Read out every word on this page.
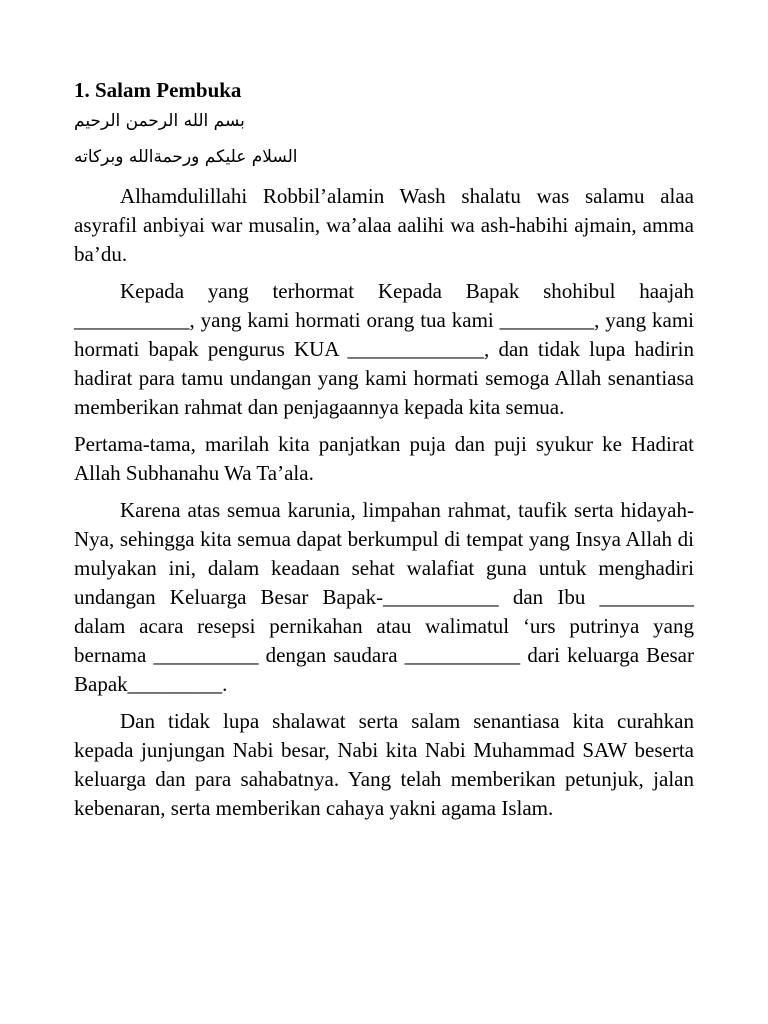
1. Salam Pembuka

بسم الله الرحمن الرحيم

السلام عليكم ورحمةالله وبركاته

Alhamdulillahi Robbil’alamin Wash shalatu was salamu alaa asyrafil anbiyai war musalin, wa’alaa aalihi wa ash-habihi ajmain, amma ba’du.

Kepada yang terhormat Kepada Bapak shohibul haajah ___________, yang kami hormati orang tua kami _________, yang kami hormati bapak pengurus KUA _____________, dan tidak lupa hadirin hadirat para tamu undangan yang kami hormati semoga Allah senantiasa memberikan rahmat dan penjagaannya kepada kita semua.

Pertama-tama, marilah kita panjatkan puja dan puji syukur ke Hadirat Allah Subhanahu Wa Ta’ala.

Karena atas semua karunia, limpahan rahmat, taufik serta hidayah-Nya, sehingga kita semua dapat berkumpul di tempat yang Insya Allah di mulyakan ini, dalam keadaan sehat walafiat guna untuk menghadiri undangan Keluarga Besar Bapak-___________ dan Ibu _________ dalam acara resepsi pernikahan atau walimatul ‘urs putrinya yang bernama __________ dengan saudara ___________ dari keluarga Besar Bapak_________.

Dan tidak lupa shalawat serta salam senantiasa kita curahkan kepada junjungan Nabi besar, Nabi kita Nabi Muhammad SAW beserta keluarga dan para sahabatnya. Yang telah memberikan petunjuk, jalan kebenaran, serta memberikan cahaya yakni agama Islam.
